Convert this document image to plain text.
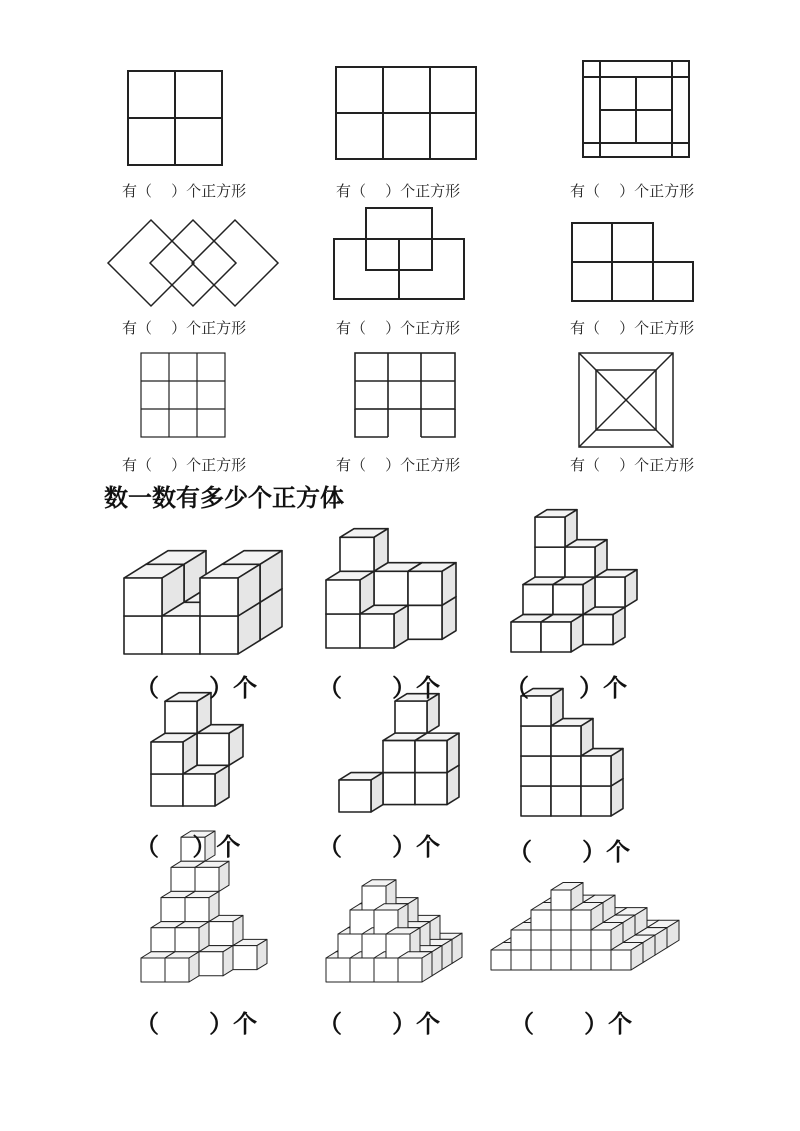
有（    ）个正方形	有（    ）个正方形	有（    ）个正方形
有（    ）个正方形	有（    ）个正方形	有（    ）个正方形
有（    ）个正方形	有（    ）个正方形	有（    ）个正方形
数一数有多少个正方体
（      ）个	（      ）个	（      ）个
（    ）个	（      ）个	（      ）个
（      ）个	（      ）个	（      ）个
